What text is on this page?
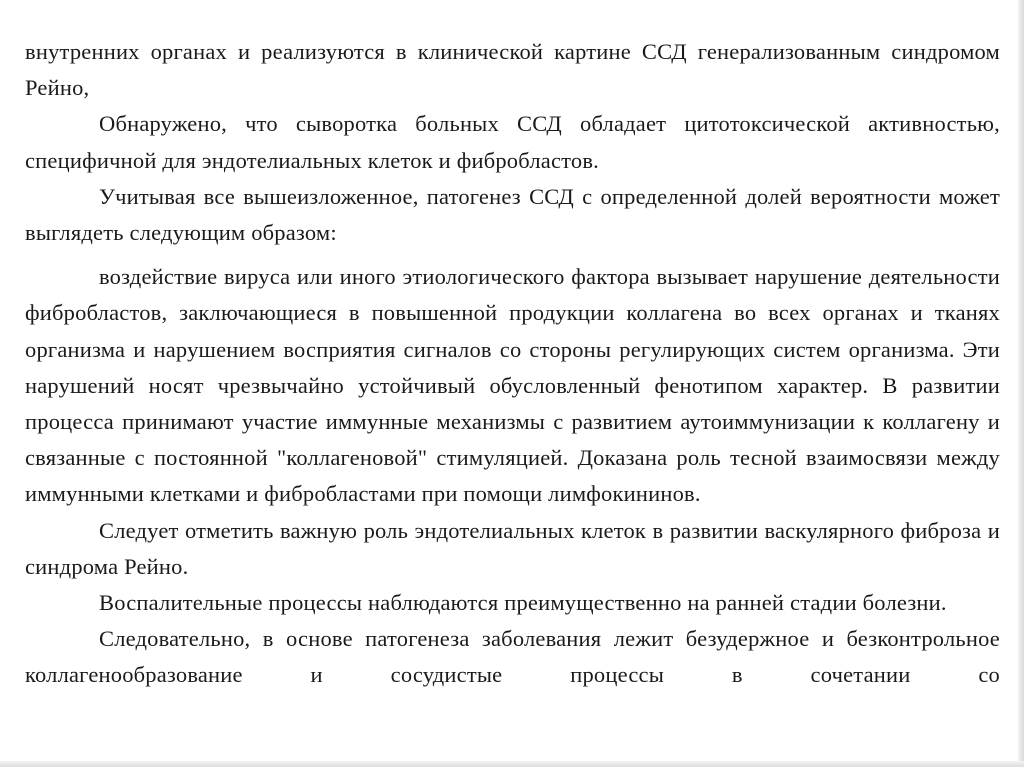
внутренних органах и реализуются в клинической картине ССД генерализованным синдромом Рейно,

Обнаружено, что сыворотка больных ССД обладает цитотоксической активностью, специфичной для эндотелиальных клеток и фибробластов.

Учитывая все вышеизложенное, патогенез ССД с определенной долей вероятности может выглядеть следующим образом:

воздействие вируса или иного этиологического фактора вызывает нарушение деятельности фибробластов, заключающиеся в повышенной продукции коллагена во всех органах и тканях организма и нарушением восприятия сигналов со стороны регулирующих систем организма. Эти нарушений носят чрезвычайно устойчивый обусловленный фенотипом характер. В развитии процесса принимают участие иммунные механизмы с развитием аутоиммунизации к коллагену и связанные с постоянной "коллагеновой" стимуляцией. Доказана роль тесной взаимосвязи между иммунными клетками и фибробластами при помощи лимфокининов.

Следует отметить важную роль эндотелиальных клеток в развитии васкулярного фиброза и синдрома Рейно.

Воспалительные процессы наблюдаются преимущественно на ранней стадии болезни.

Следовательно, в основе патогенеза заболевания лежит безудержное и безконтрольное коллагенообразование и сосудистые процессы в сочетании со
